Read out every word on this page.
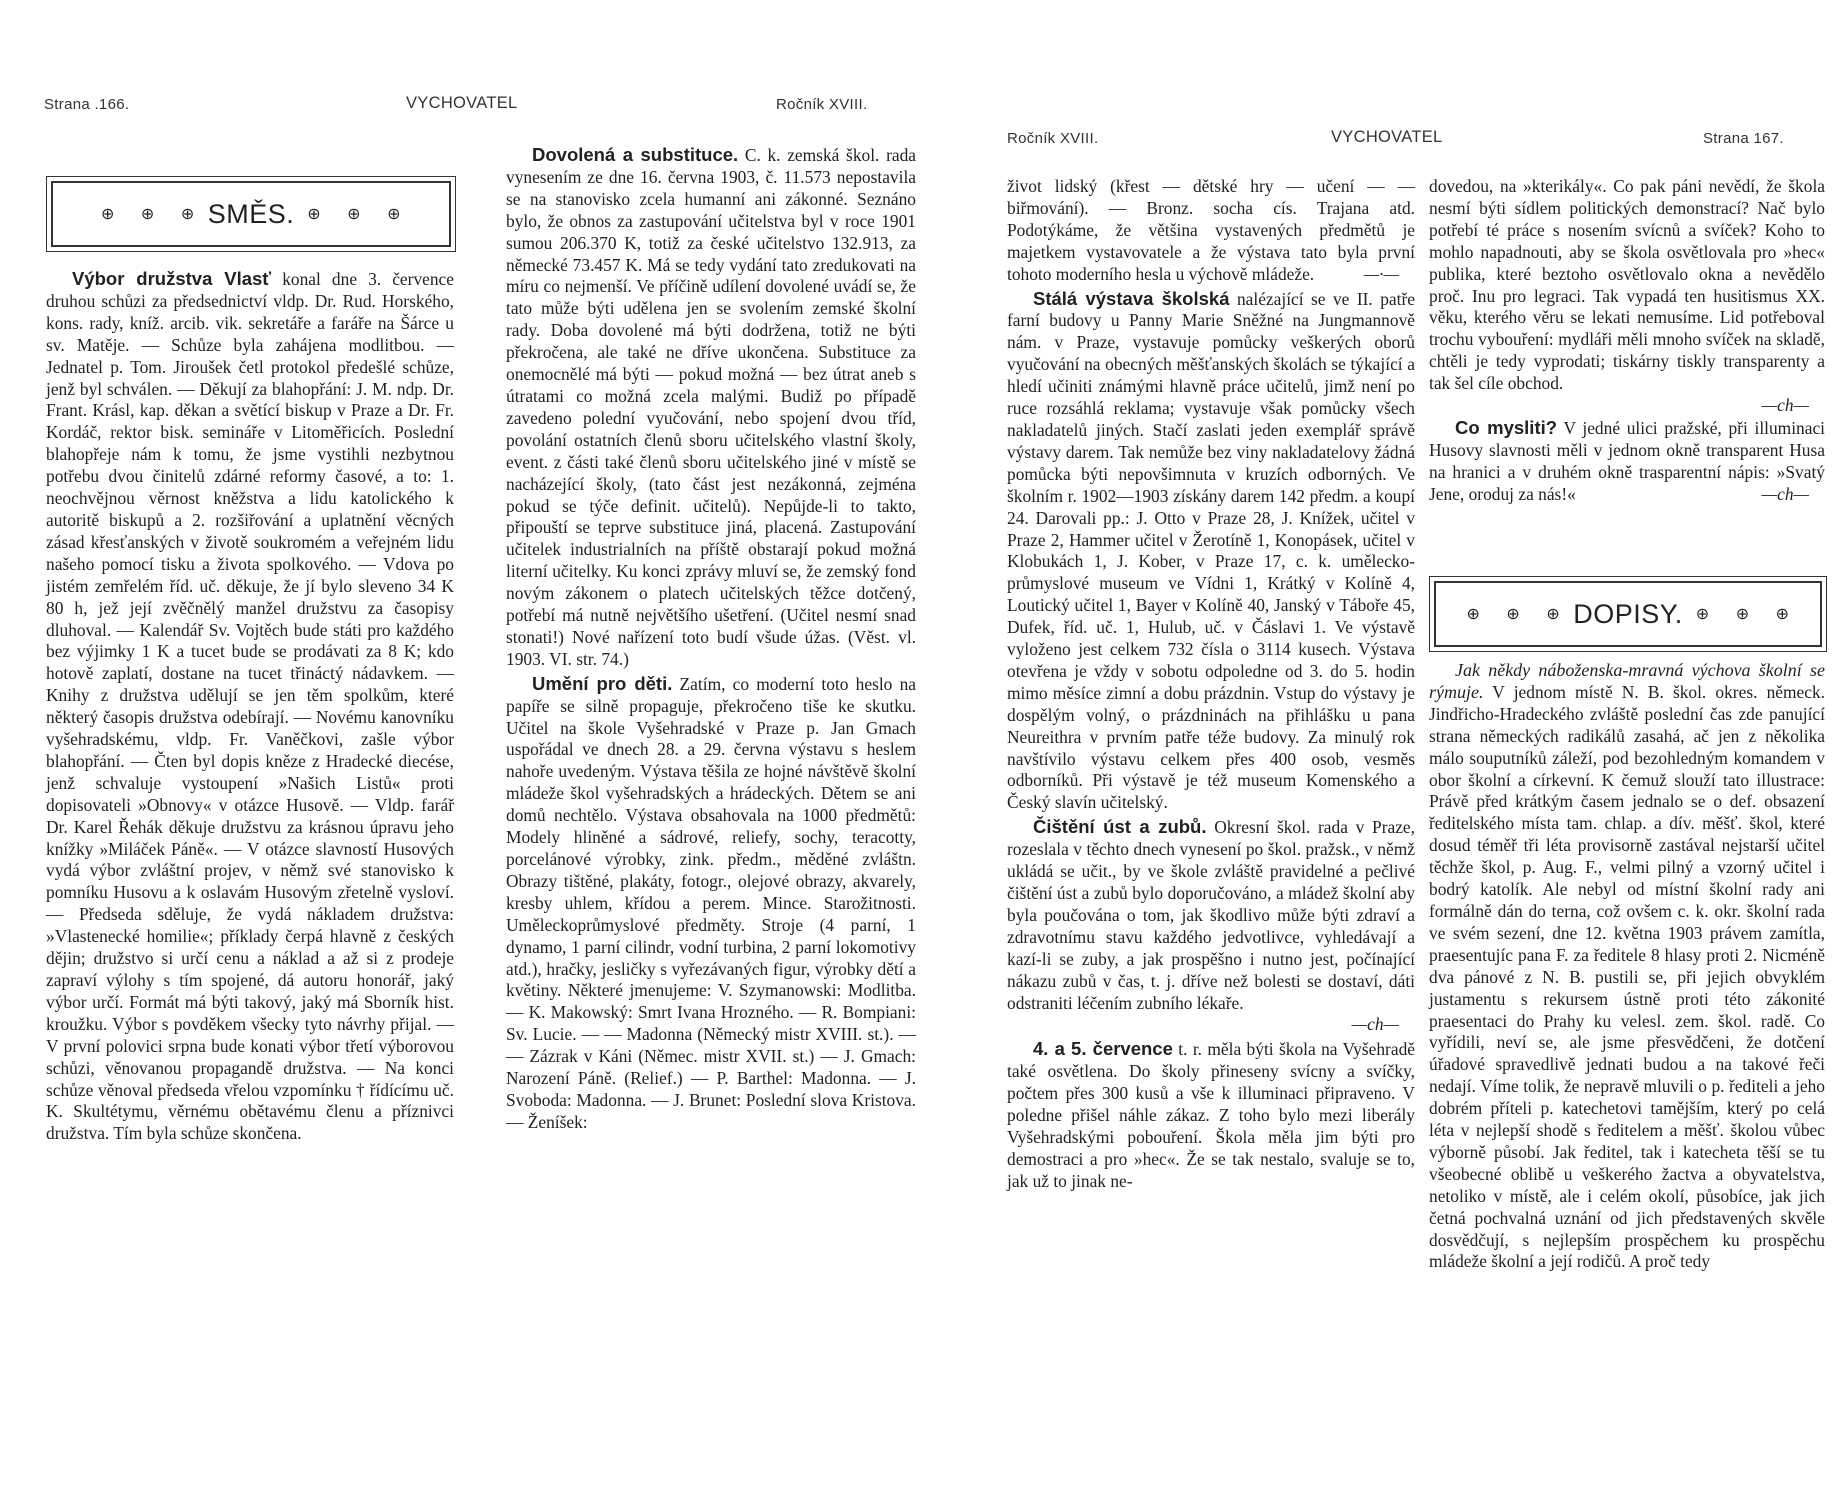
Strana .166.	VYCHOVATEL	Ročník XVIII.
⊕ ⊕ ⊕ SMĚS. ⊕ ⊕ ⊕

Výbor družstva Vlasť konal dne 3. července druhou schůzi za předsednictví vldp. Dr. Rud. Horského, kons. rady, kníž. arcib. vik. sekretáře a faráře na Šárce u sv. Matěje. — Schůze byla zahájena modlitbou. — Jednatel p. Tom. Jiroušek četl protokol předešlé schůze, jenž byl schválen. — Děkují za blahopřání: J. M. ndp. Dr. Frant. Krásl, kap. děkan a světící biskup v Praze a Dr. Fr. Kordáč, rektor bisk. semináře v Litoměřicích. Poslední blahopřeje nám k tomu, že jsme vystihli nezbytnou potřebu dvou činitelů zdárné reformy časové, a to: 1. neochvějnou věrnost kněžstva a lidu katolického k autoritě biskupů a 2. rozšiřování a uplatnění věcných zásad křesťanských v životě soukromém a veřejném lidu našeho pomocí tisku a života spolkového. — Vdova po jistém zemřelém říd. uč. děkuje, že jí bylo sleveno 34 K 80 h, jež její zvěčnělý manžel družstvu za časopisy dluhoval. — Kalendář Sv. Vojtěch bude státi pro každého bez výjimky 1 K a tucet bude se prodávati za 8 K; kdo hotově zaplatí, dostane na tucet třináctý nádavkem. — Knihy z družstva udělují se jen těm spolkům, které některý časopis družstva odebírají. — Novému kanovníku vyšehradskému, vldp. Fr. Vaněčkovi, zašle výbor blahopřání. — Čten byl dopis kněze z Hradecké diecése, jenž schvaluje vystoupení »Našich Listů« proti dopisovateli »Obnovy« v otázce Husově. — Vldp. farář Dr. Karel Řehák děkuje družstvu za krásnou úpravu jeho knížky »Miláček Páně«. — V otázce slavností Husových vydá výbor zvláštní projev, v němž své stanovisko k pomníku Husovu a k oslavám Husovým zřetelně vysloví. — Předseda sděluje, že vydá nákladem družstva: »Vlastenecké homilie«; příklady čerpá hlavně z českých dějin; družstvo si určí cenu a náklad a až si z prodeje zapraví výlohy s tím spojené, dá autoru honorář, jaký výbor určí. Formát má býti takový, jaký má Sborník hist. kroužku. Výbor s povděkem všecky tyto návrhy přijal. — V první polovici srpna bude konati výbor třetí výborovou schůzi, věnovanou propagandě družstva. — Na konci schůze věnoval předseda vřelou vzpomínku † řídícímu uč. K. Skultétymu, věrnému obětavému členu a příznivci družstva. Tím byla schůze skončena.

Dovolená a substituce. C. k. zemská škol. rada vynesením ze dne 16. června 1903, č. 11.573 nepostavila se na stanovisko zcela humanní ani zákonné. Seznáno bylo, že obnos za zastupování učitelstva byl v roce 1901 sumou 206.370 K, totiž za české učitelstvo 132.913, za německé 73.457 K. Má se tedy vydání tato zredukovati na míru co nejmenší. Ve příčině udílení dovolené uvádí se, že tato může býti udělena jen se svolením zemské školní rady. Doba dovolené má býti dodržena, totiž ne býti překročena, ale také ne dříve ukončena. Substituce za onemocnělé má býti — pokud možná — bez útrat aneb s útratami co možná zcela malými. Budiž po případě zavedeno polední vyučování, nebo spojení dvou tříd, povolání ostatních členů sboru učitelského vlastní školy, event. z části také členů sboru učitelského jiné v místě se nacházející školy, (tato část jest nezákonná, zejména pokud se týče definit. učitelů). Nepůjde-li to takto, připouští se teprve substituce jiná, placená. Zastupování učitelek industrialních na příště obstarají pokud možná literní učitelky. Ku konci zprávy mluví se, že zemský fond novým zákonem o platech učitelských těžce dotčený, potřebí má nutně největšího ušetření. (Učitel nesmí snad stonati!) Nové nařízení toto budí všude úžas. (Věst. vl. 1903. VI. str. 74.)

Umění pro děti. Zatím, co moderní toto heslo na papíře se silně propaguje, překročeno tiše ke skutku. Učitel na škole Vyšehradské v Praze p. Jan Gmach uspořádal ve dnech 28. a 29. června výstavu s heslem nahoře uvedeným. Výstava těšila ze hojné návštěvě školní mládeže škol vyšehradských a hrádeckých. Dětem se ani domů nechtělo. Výstava obsahovala na 1000 předmětů: Modely hliněné a sádrové, reliefy, sochy, teracotty, porcelánové výrobky, zink. předm., měděné zvláštn. Obrazy tištěné, plakáty, fotogr., olejové obrazy, akvarely, kresby uhlem, křídou a perem. Mince. Starožitnosti. Uměleckoprůmyslové předměty. Stroje (4 parní, 1 dynamo, 1 parní cilindr, vodní turbina, 2 parní lokomotivy atd.), hračky, jesličky s vyřezávaných figur, výrobky dětí a květiny. Některé jmenujeme: V. Szymanowski: Modlitba. — K. Makowský: Smrt Ivana Hrozného. — R. Bompiani: Sv. Lucie. — — Madonna (Německý mistr XVIII. st.). — — Zázrak v Káni (Němec. mistr XVII. st.) — J. Gmach: Narození Páně. (Relief.) — P. Barthel: Madonna. — J. Svoboda: Madonna. — J. Brunet: Poslední slova Kristova. — Ženíšek:

Ročník XVIII.	VYCHOVATEL	Strana 167.

život lidský (křest — dětské hry — učení — — biřmování). — Bronz. socha cís. Trajana atd. Podotýkáme, že většina vystavených předmětů je majetkem vystavovatele a že výstava tato byla první tohoto moderního hesla u výchově mládeže.	—·—

Stálá výstava školská nalézající se ve II. patře farní budovy u Panny Marie Sněžné na Jungmannově nám. v Praze, vystavuje pomůcky veškerých oborů vyučování na obecných měšťanských školách se týkající a hledí učiniti známými hlavně práce učitelů, jimž není po ruce rozsáhlá reklama; vystavuje však pomůcky všech nakladatelů jiných. Stačí zaslati jeden exemplář správě výstavy darem. Tak nemůže bez viny nakladatelovy žádná pomůcka býti nepovšimnuta v kruzích odborných. Ve školním r. 1902—1903 získány darem 142 předm. a koupí 24. Darovali pp.: J. Otto v Praze 28, J. Knížek, učitel v Praze 2, Hammer učitel v Žerotíně 1, Konopásek, učitel v Klobukách 1, J. Kober, v Praze 17, c. k. umělecko-průmyslové museum ve Vídni 1, Krátký v Kolíně 4, Loutický učitel 1, Bayer v Kolíně 40, Janský v Táboře 45, Dufek, říd. uč. 1, Hulub, uč. v Čáslavi 1. Ve výstavě vyloženo jest celkem 732 čísla o 3114 kusech. Výstava otevřena je vždy v sobotu odpoledne od 3. do 5. hodin mimo měsíce zimní a dobu prázdnin. Vstup do výstavy je dospělým volný, o prázdninách na přihlášku u pana Neureithra v prvním patře téže budovy. Za minulý rok navštívilo výstavu celkem přes 400 osob, vesměs odborníků. Při výstavě je též museum Komenského a Český slavín učitelský.

Čištění úst a zubů. Okresní škol. rada v Praze, rozeslala v těchto dnech vynesení po škol. pražsk., v němž ukládá se učit., by ve škole zvláště pravidelné a pečlivé čištění úst a zubů bylo doporučováno, a mládež školní aby byla poučována o tom, jak škodlivo může býti zdraví a zdravotnímu stavu každého jedvotlivce, vyhledávají a kazí-li se zuby, a jak prospěšno i nutno jest, počínající nákazu zubů v čas, t. j. dříve než bolesti se dostaví, dáti odstraniti léčením zubního lékaře.
—ch—

4. a 5. července t. r. měla býti škola na Vyšehradě také osvětlena. Do školy přineseny svícny a svíčky, počtem přes 300 kusů a vše k illuminaci připraveno. V poledne přišel náhle zákaz. Z toho bylo mezi liberály Vyšehradskými pobouření. Škola měla jim býti pro demostraci a pro »hec«. Že se tak nestalo, svaluje se to, jak už to jinak ne-

dovedou, na »kterikály«. Co pak páni nevědí, že škola nesmí býti sídlem politických demonstrací? Nač bylo potřebí té práce s nosením svícnů a svíček? Koho to mohlo napadnouti, aby se škola osvětlovala pro »hec« publika, které beztoho osvětlovalo okna a nevědělo proč. Inu pro legraci. Tak vypadá ten husitismus XX. věku, kterého věru se lekati nemusíme. Lid potřeboval trochu vybouření: mydláři měli mnoho svíček na skladě, chtěli je tedy vyprodati; tiskárny tiskly transparenty a tak šel cíle obchod.
—ch—

Co mysliti? V jedné ulici pražské, při illuminaci Husovy slavnosti měli v jednom okně transparent Husa na hranici a v druhém okně trasparentní nápis: »Svatý Jene, oroduj za nás!«	—ch—

⊕ ⊕ ⊕ DOPISY. ⊕ ⊕ ⊕

Jak někdy náboženska-mravná výchova školní se rýmuje. V jednom místě N. B. škol. okres. německ. Jindřicho-Hradeckého zvláště poslední čas zde panující strana německých radikálů zasahá, ač jen z několika málo souputníků záleží, pod bezohledným komandem v obor školní a církevní. K čemuž slouží tato illustrace: Právě před krátkým časem jednalo se o def. obsazení ředitelského místa tam. chlap. a dív. měšť. škol, které dosud téměř tři léta provisorně zastával nejstarší učitel těchže škol, p. Aug. F., velmi pilný a vzorný učitel i bodrý katolík. Ale nebyl od místní školní rady ani formálně dán do terna, což ovšem c. k. okr. školní rada ve svém sezení, dne 12. května 1903 právem zamítla, praesentujíc pana F. za ředitele 8 hlasy proti 2. Nicméně dva pánové z N. B. pustili se, při jejich obvyklém justamentu s rekursem ústně proti této zákonité praesentaci do Prahy ku velesl. zem. škol. radě. Co vyřídili, neví se, ale jsme přesvědčeni, že dotčení úřadové spravedlivě jednati budou a na takové řeči nedají. Víme tolik, že nepravě mluvili o p. řediteli a jeho dobrém příteli p. katechetovi tamějším, který po celá léta v nejlepší shodě s ředitelem a měšť. školou vůbec výborně působí. Jak ředitel, tak i katecheta těší se tu všeobecné oblibě u veškerého žactva a obyvatelstva, netoliko v místě, ale i celém okolí, působíce, jak jich četná pochvalná uznání od jich představených skvěle dosvědčují, s nejlepším prospěchem ku prospěchu mládeže školní a její rodičů. A proč tedy
